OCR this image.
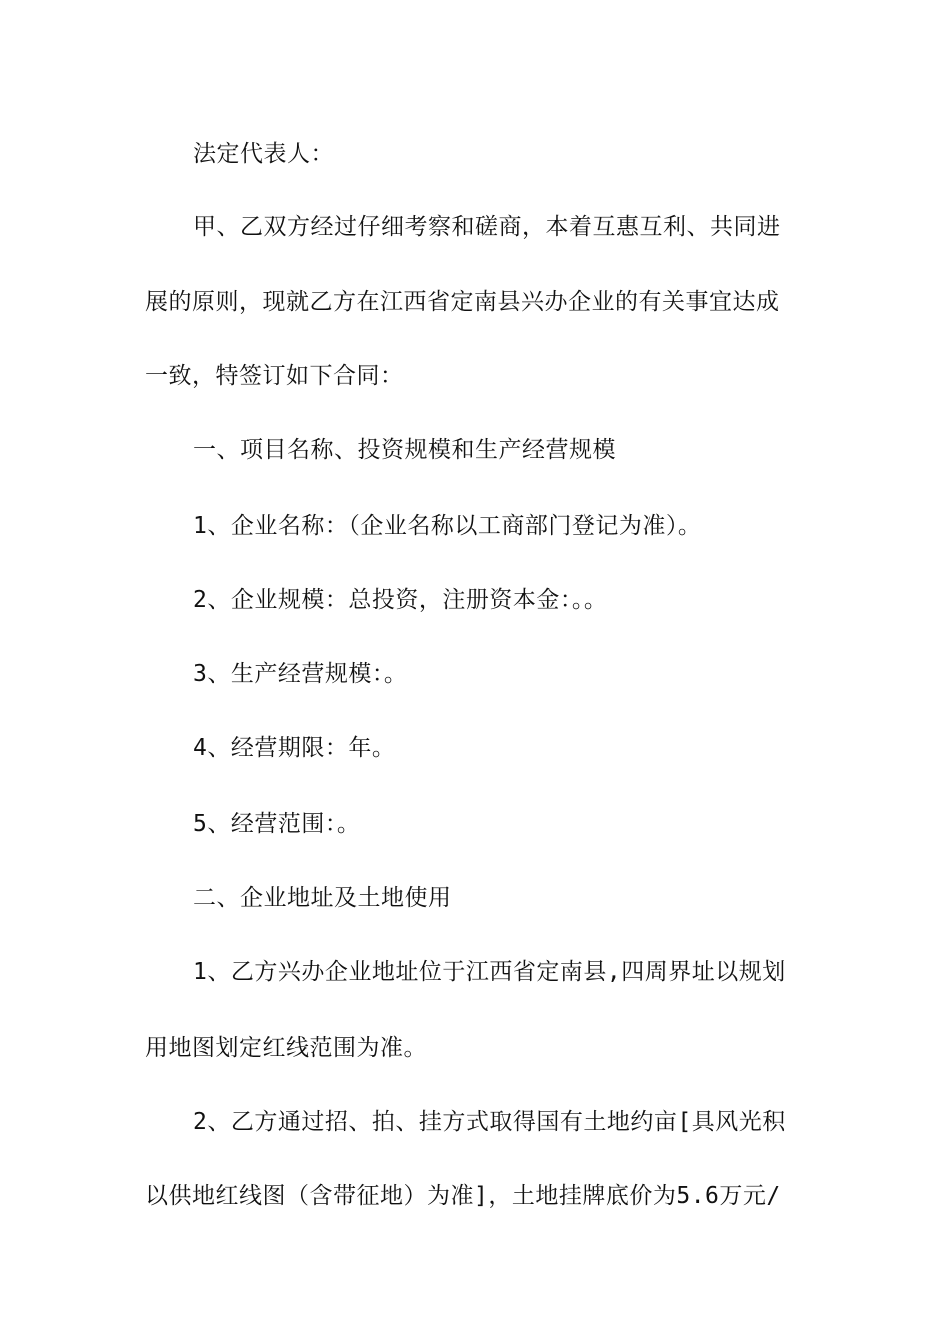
法定代表人：
甲、乙双方经过仔细考察和磋商，本着互惠互利、共同进
展的原则，现就乙方在江西省定南县兴办企业的有关事宜达成
一致，特签订如下合同：
一、项目名称、投资规模和生产经营规模
1、企业名称：（企业名称以工商部门登记为准）。
2、企业规模：总投资，注册资本金：。。
3、生产经营规模：。
4、经营期限：年。
5、经营范围：。
二、企业地址及土地使用
1、乙方兴办企业地址位于江西省定南县,四周界址以规划
用地图划定红线范围为准。
2、乙方通过招、拍、挂方式取得国有土地约亩[具风光积
以供地红线图（含带征地）为准]，土地挂牌底价为5.6万元/
